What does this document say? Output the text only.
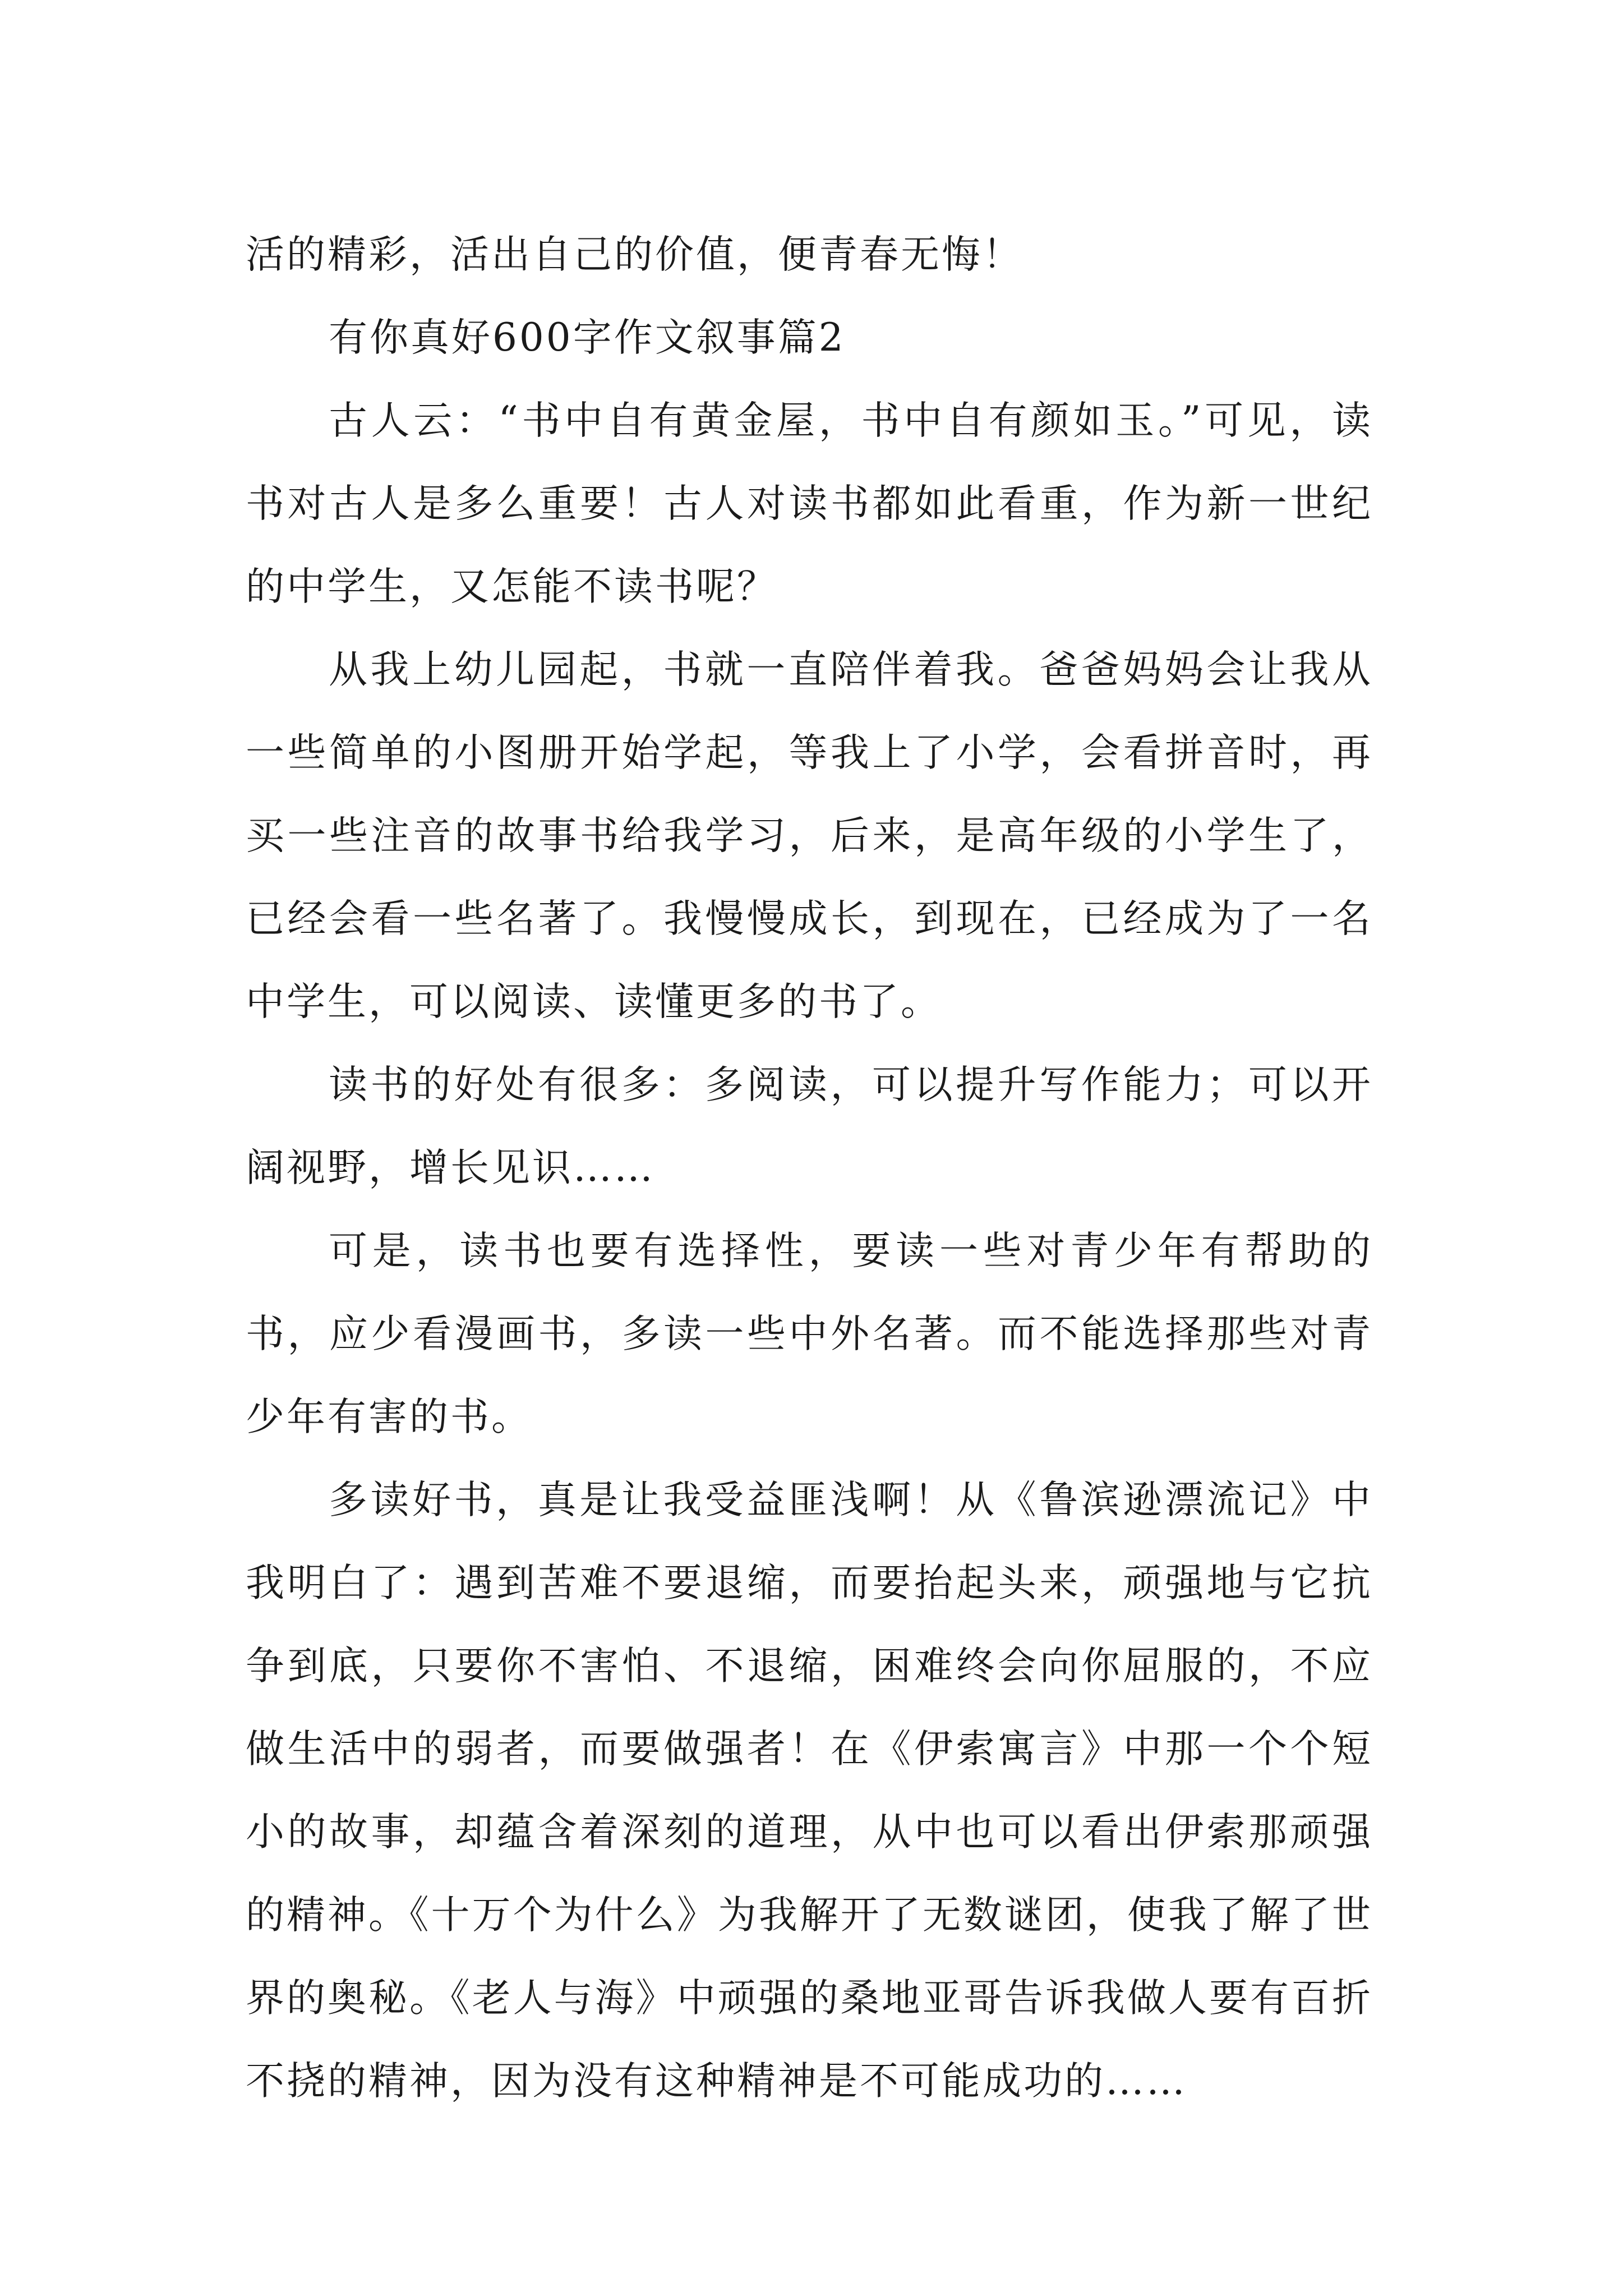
活的精彩，活出自己的价值，便青春无悔！

有你真好600字作文叙事篇2

古人云：“书中自有黄金屋，书中自有颜如玉。”可见，读书对古人是多么重要！古人对读书都如此看重，作为新一世纪的中学生，又怎能不读书呢？

从我上幼儿园起，书就一直陪伴着我。爸爸妈妈会让我从一些简单的小图册开始学起，等我上了小学，会看拼音时，再买一些注音的故事书给我学习，后来，是高年级的小学生了，已经会看一些名著了。我慢慢成长，到现在，已经成为了一名中学生，可以阅读、读懂更多的书了。

读书的好处有很多：多阅读，可以提升写作能力；可以开阔视野，增长见识……

可是，读书也要有选择性，要读一些对青少年有帮助的书，应少看漫画书，多读一些中外名著。而不能选择那些对青少年有害的书。

多读好书，真是让我受益匪浅啊！从《鲁滨逊漂流记》中我明白了：遇到苦难不要退缩，而要抬起头来，顽强地与它抗争到底，只要你不害怕、不退缩，困难终会向你屈服的，不应做生活中的弱者，而要做强者！在《伊索寓言》中那一个个短小的故事，却蕴含着深刻的道理，从中也可以看出伊索那顽强的精神。《十万个为什么》为我解开了无数谜团，使我了解了世界的奥秘。《老人与海》中顽强的桑地亚哥告诉我做人要有百折不挠的精神，因为没有这种精神是不可能成功的……
